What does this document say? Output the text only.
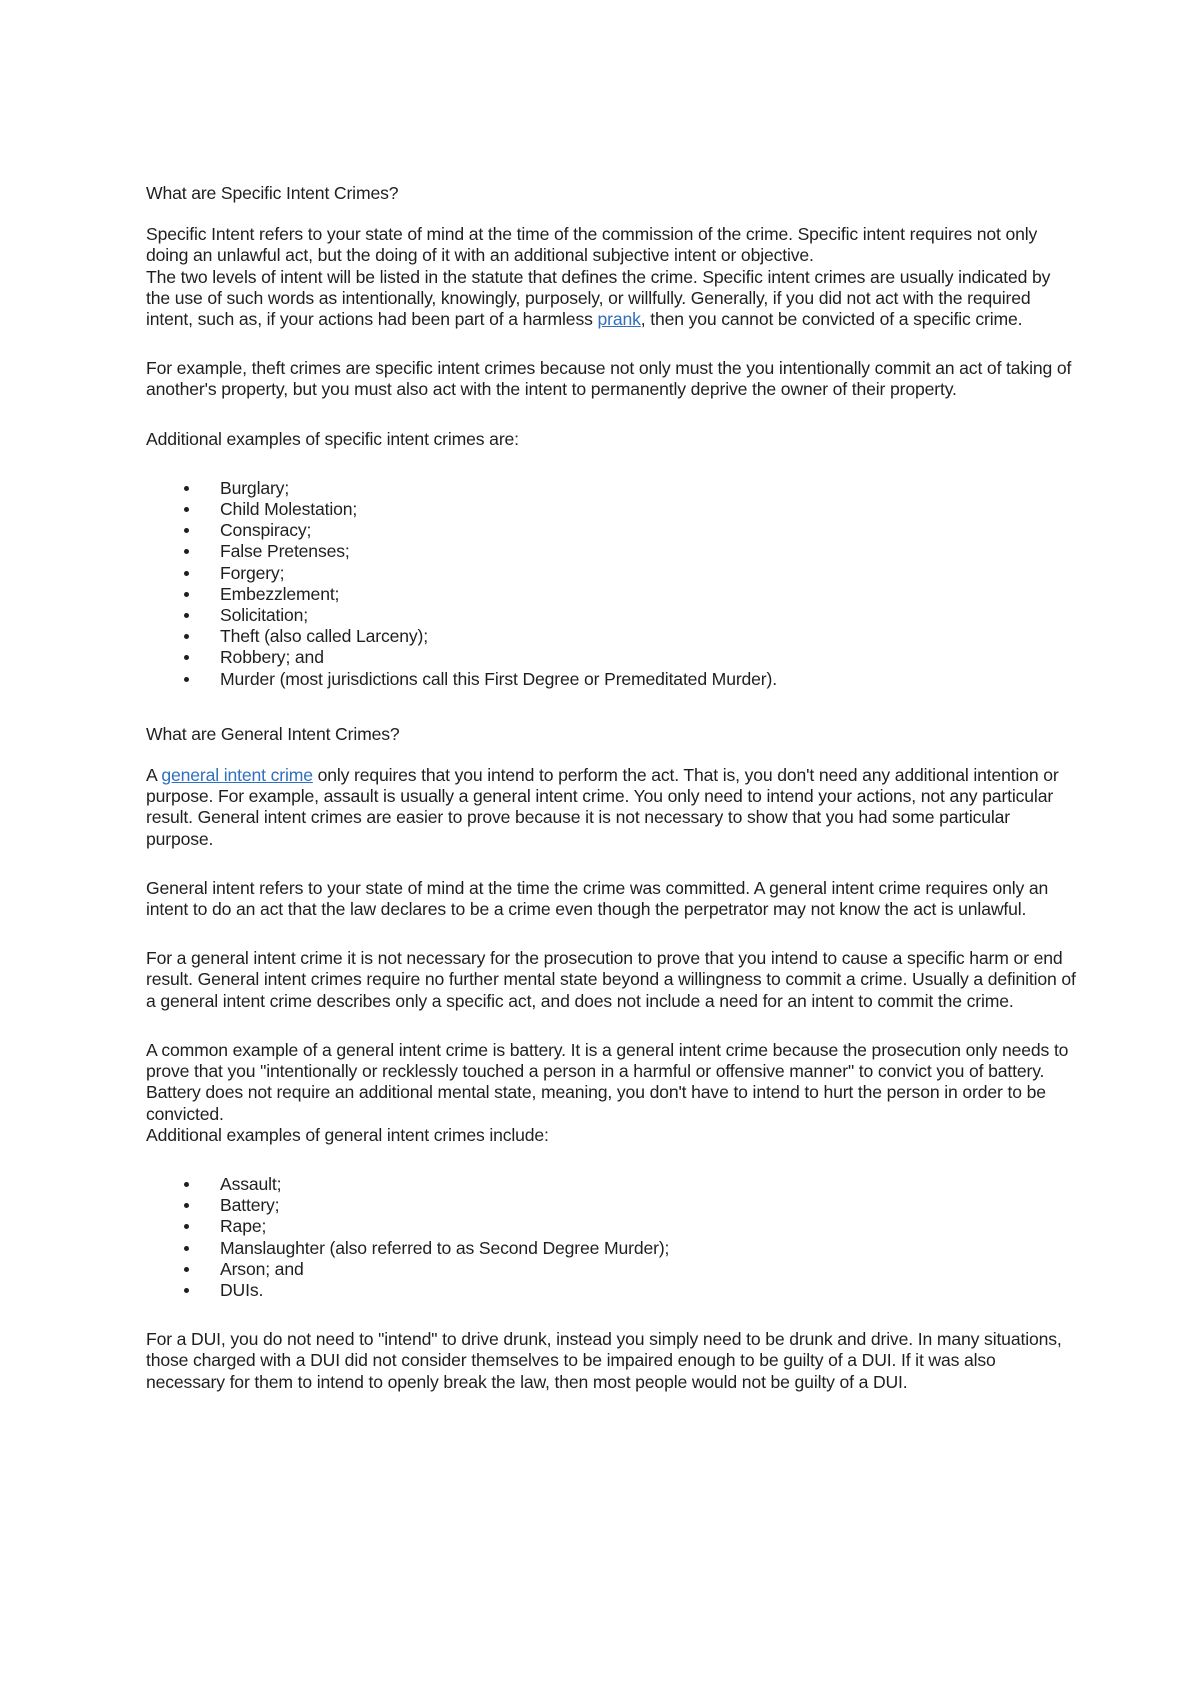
What are Specific Intent Crimes?

Specific Intent refers to your state of mind at the time of the commission of the crime. Specific intent requires not only doing an unlawful act, but the doing of it with an additional subjective intent or objective.

The two levels of intent will be listed in the statute that defines the crime. Specific intent crimes are usually indicated by the use of such words as intentionally, knowingly, purposely, or willfully. Generally, if you did not act with the required intent, such as, if your actions had been part of a harmless prank, then you cannot be convicted of a specific crime.

For example, theft crimes are specific intent crimes because not only must the you intentionally commit an act of taking of another's property, but you must also act with the intent to permanently deprive the owner of their property.

Additional examples of specific intent crimes are:

Burglary;
Child Molestation;
Conspiracy;
False Pretenses;
Forgery;
Embezzlement;
Solicitation;
Theft (also called Larceny);
Robbery; and
Murder (most jurisdictions call this First Degree or Premeditated Murder).

What are General Intent Crimes?

A general intent crime only requires that you intend to perform the act. That is, you don't need any additional intention or purpose. For example, assault is usually a general intent crime. You only need to intend your actions, not any particular result. General intent crimes are easier to prove because it is not necessary to show that you had some particular purpose.

General intent refers to your state of mind at the time the crime was committed. A general intent crime requires only an intent to do an act that the law declares to be a crime even though the perpetrator may not know the act is unlawful.

For a general intent crime it is not necessary for the prosecution to prove that you intend to cause a specific harm or end result. General intent crimes require no further mental state beyond a willingness to commit a crime. Usually a definition of a general intent crime describes only a specific act, and does not include a need for an intent to commit the crime.

A common example of a general intent crime is battery. It is a general intent crime because the prosecution only needs to prove that you "intentionally or recklessly touched a person in a harmful or offensive manner" to convict you of battery. Battery does not require an additional mental state, meaning, you don't have to intend to hurt the person in order to be convicted.

Additional examples of general intent crimes include:

Assault;
Battery;
Rape;
Manslaughter (also referred to as Second Degree Murder);
Arson; and
DUIs.

For a DUI, you do not need to "intend" to drive drunk, instead you simply need to be drunk and drive. In many situations, those charged with a DUI did not consider themselves to be impaired enough to be guilty of a DUI. If it was also necessary for them to intend to openly break the law, then most people would not be guilty of a DUI.
